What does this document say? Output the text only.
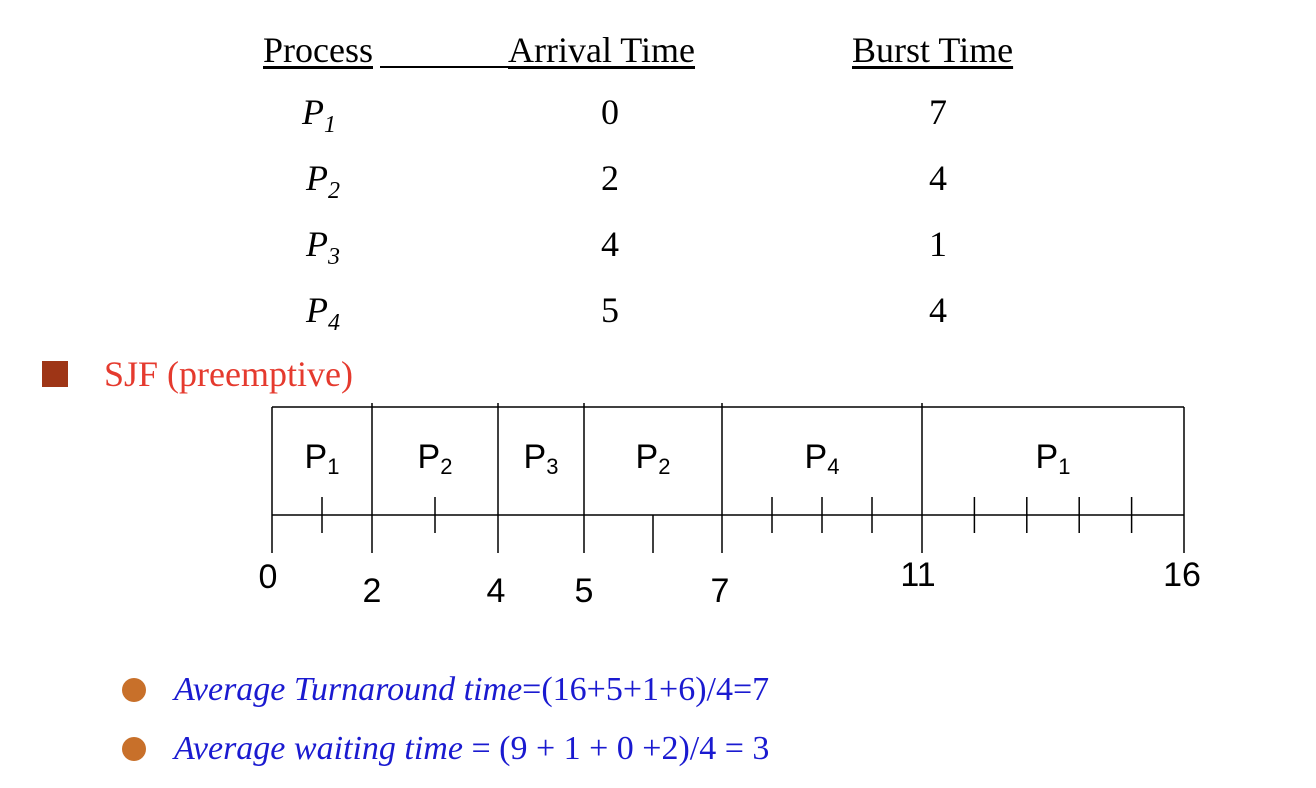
Process	Arrival Time	Burst Time
$P_1$	0	7
$P_2$	2	4
$P_3$	4	1
$P_4$	5	4
SJF (preemptive)
P1 P2 P3 P2	P4	P1
0	2	4 5	7	11	16
Average Turnaround time=(16+5+1+6)/4=7
Average waiting time = (9 + 1 + 0 +2)/4 = 3
